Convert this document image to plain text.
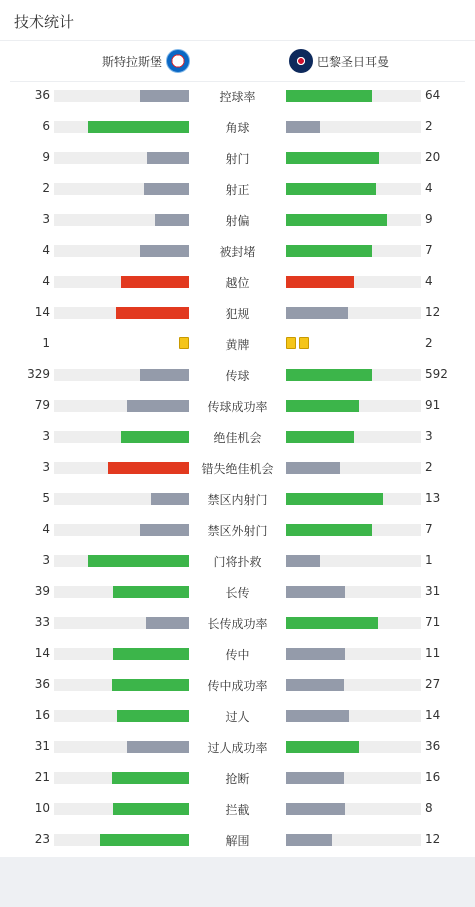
技术统计
斯特拉斯堡	巴黎圣日耳曼
36	控球率	64
6	角球	2
9	射门	20
2	射正	4
3	射偏	9
4	被封堵	7
4	越位	4
14	犯规	12
1	黄牌	2
329	传球	592
79	传球成功率	91
3	绝佳机会	3
3	错失绝佳机会	2
5	禁区内射门	13
4	禁区外射门	7
3	门将扑救	1
39	长传	31
33	长传成功率	71
14	传中	11
36	传中成功率	27
16	过人	14
31	过人成功率	36
21	抢断	16
10	拦截	8
23	解围	12
